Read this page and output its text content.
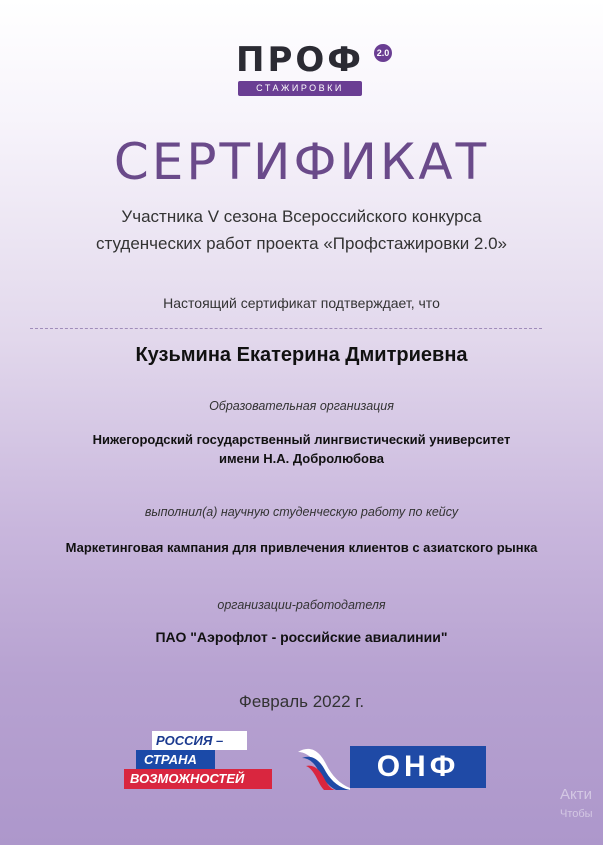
ПРОФ	2.0
СТАЖИРОВКИ
СЕРТИФИКАТ
Участника V сезона Всероссийского конкурса
студенческих работ проекта «Профстажировки 2.0»
Настоящий сертификат подтверждает, что
Кузьмина Екатерина Дмитриевна
Образовательная организация
Нижегородский государственный лингвистический университет
имени Н.А. Добролюбова
выполнил(а) научную студенческую работу по кейсу
Маркетинговая кампания для привлечения клиентов с азиатского рынка
организации-работодателя
ПАО "Аэрофлот - российские авиалинии"
Февраль 2022 г.
РОССИЯ –
СТРАНА
ВОЗМОЖНОСТЕЙ	ОНФ
Акти
Чтобы
